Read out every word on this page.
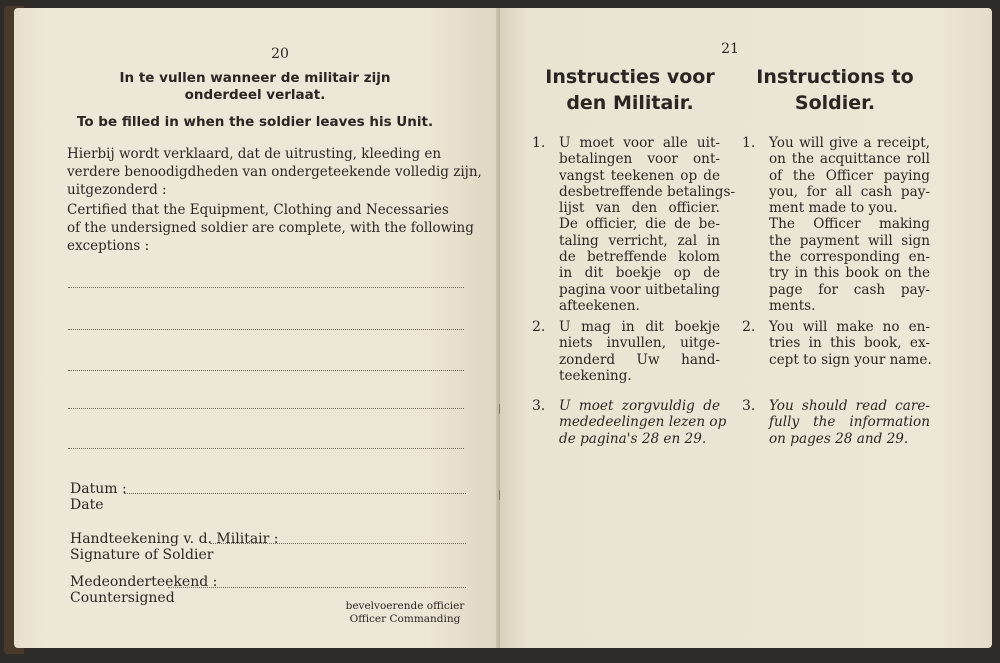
20
In te vullen wanneer de militair zijn
onderdeel verlaat.
To be filled in when the soldier leaves his Unit.
Hierbij wordt verklaard, dat de uitrusting, kleeding en
verdere benoodigdheden van ondergeteekende volledig zijn,
uitgezonderd :
Certified that the Equipment, Clothing and Necessaries
of the undersigned soldier are complete, with the following
exceptions :
Datum :
Date
Handteekening v. d. Militair :
Signature of Soldier
Medeonderteekend :
Countersigned	bevelvoerende officier
Officer Commanding
21
Instructies voor
den Militair.
Instructions to
Soldier.
1. U moet voor alle uit-
betalingen voor ont-
vangst teekenen op de
desbetreffende betalings-
lijst van den officier.
De officier, die de be-
taling verricht, zal in
de betreffende kolom
in dit boekje op de
pagina voor uitbetaling
afteekenen.
2. U mag in dit boekje
niets invullen, uitge-
zonderd Uw hand-
teekening.
3. U moet zorgvuldig de
mededeelingen lezen op
de pagina's 28 en 29.
1. You will give a receipt,
on the acquittance roll
of the Officer paying
you, for all cash pay-
ment made to you.
The Officer making
the payment will sign
the corresponding en-
try in this book on the
page for cash pay-
ments.
2. You will make no en-
tries in this book, ex-
cept to sign your name.
3. You should read care-
fully the information
on pages 28 and 29.
